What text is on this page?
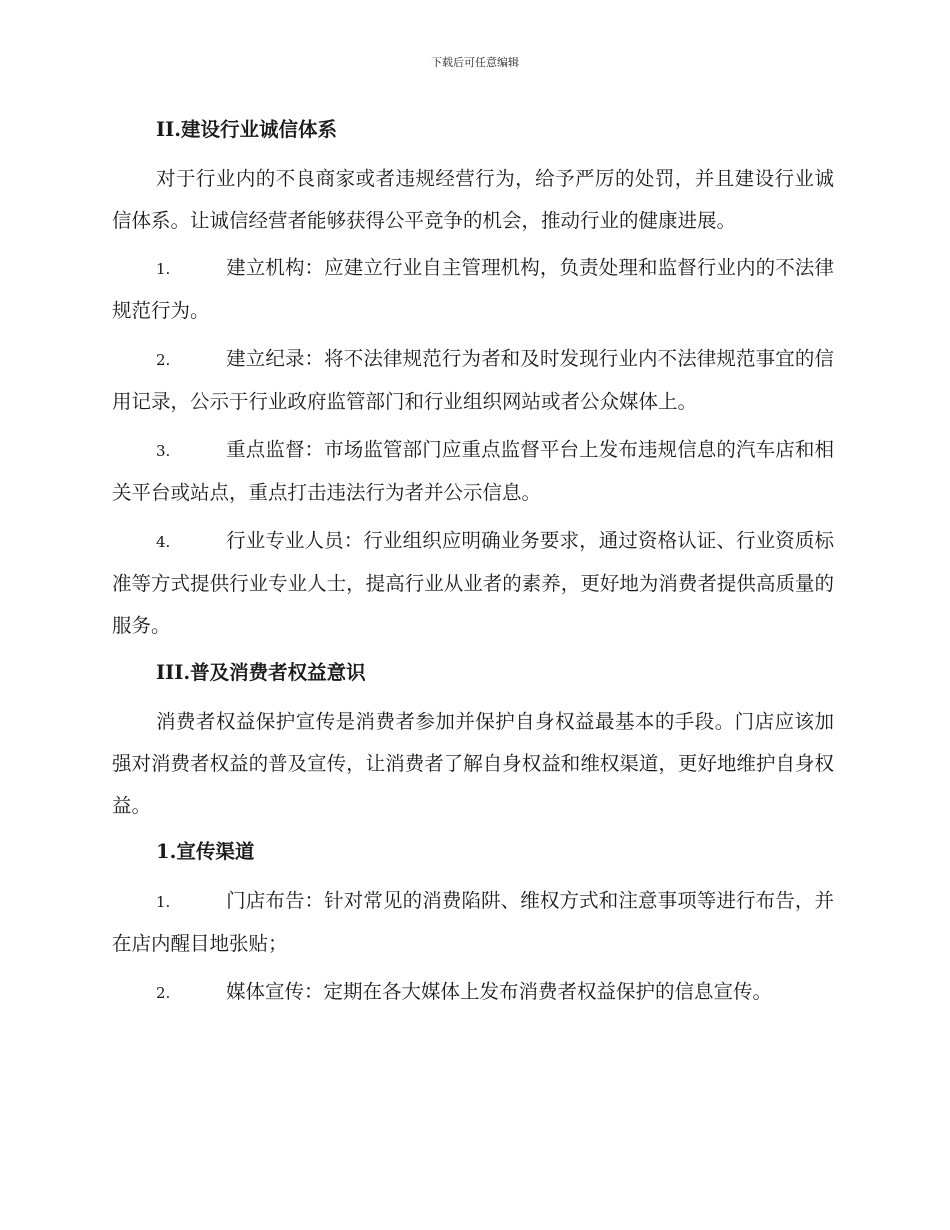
下载后可任意编辑
II.建设行业诚信体系

对于行业内的不良商家或者违规经营行为，给予严厉的处罚，并且建设行业诚信体系。让诚信经营者能够获得公平竞争的机会，推动行业的健康进展。

1.	建立机构：应建立行业自主管理机构，负责处理和监督行业内的不法律规范行为。
2.	建立纪录：将不法律规范行为者和及时发现行业内不法律规范事宜的信用记录，公示于行业政府监管部门和行业组织网站或者公众媒体上。
3.	重点监督：市场监管部门应重点监督平台上发布违规信息的汽车店和相关平台或站点，重点打击违法行为者并公示信息。
4.	行业专业人员：行业组织应明确业务要求，通过资格认证、行业资质标准等方式提供行业专业人士，提高行业从业者的素养，更好地为消费者提供高质量的服务。
III.普及消费者权益意识

消费者权益保护宣传是消费者参加并保护自身权益最基本的手段。门店应该加强对消费者权益的普及宣传，让消费者了解自身权益和维权渠道，更好地维护自身权益。

1.宣传渠道
1.	门店布告：针对常见的消费陷阱、维权方式和注意事项等进行布告，并在店内醒目地张贴；
2.	媒体宣传：定期在各大媒体上发布消费者权益保护的信息宣传。
